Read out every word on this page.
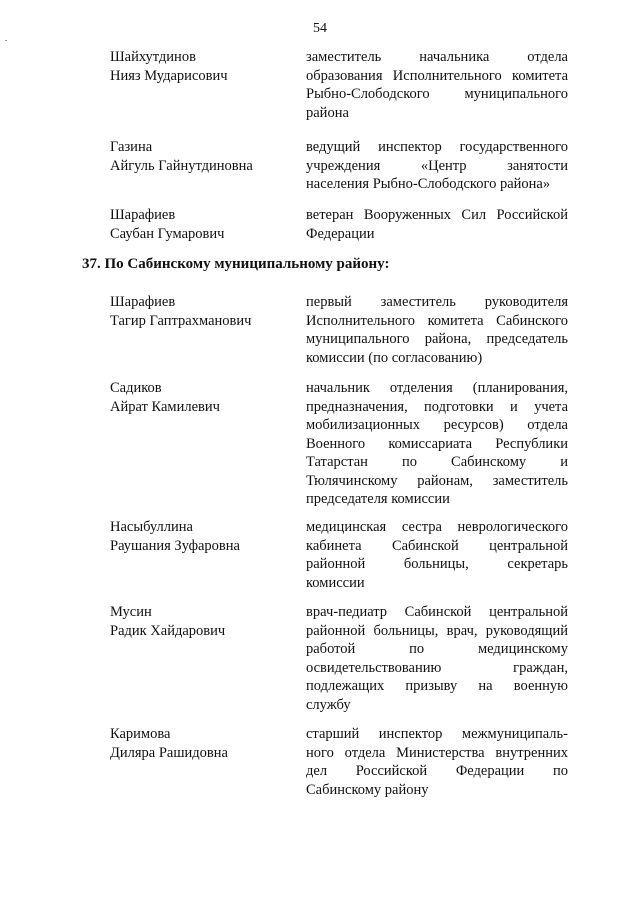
54
Шайхутдинов
Нияз Мударисович
заместитель начальника отдела
образования Исполнительного комитета
Рыбно-Слободского муниципального
района
Газина
Айгуль Гайнутдиновна
ведущий инспектор государственного
учреждения «Центр занятости
населения Рыбно-Слободского района»
Шарафиев
Саубан Гумарович
ветеран Вооруженных Сил Российской
Федерации
37. По Сабинскому муниципальному району:
Шарафиев
Тагир Гаптрахманович
первый заместитель руководителя
Исполнительного комитета Сабинского
муниципального района, председатель
комиссии (по согласованию)
Садиков
Айрат Камилевич
начальник отделения (планирования,
предназначения, подготовки и учета
мобилизационных ресурсов) отдела
Военного комиссариата Республики
Татарстан по Сабинскому и
Тюлячинскому районам, заместитель
председателя комиссии
Насыбуллина
Раушания Зуфаровна
медицинская сестра неврологического
кабинета Сабинской центральной
районной больницы, секретарь
комиссии
Мусин
Радик Хайдарович
врач-педиатр Сабинской центральной
районной больницы, врач, руководящий
работой по медицинскому
освидетельствованию граждан,
подлежащих призыву на военную
службу
Каримова
Диляра Рашидовна
старший инспектор межмуниципаль-
ного отдела Министерства внутренних
дел Российской Федерации по
Сабинскому району
